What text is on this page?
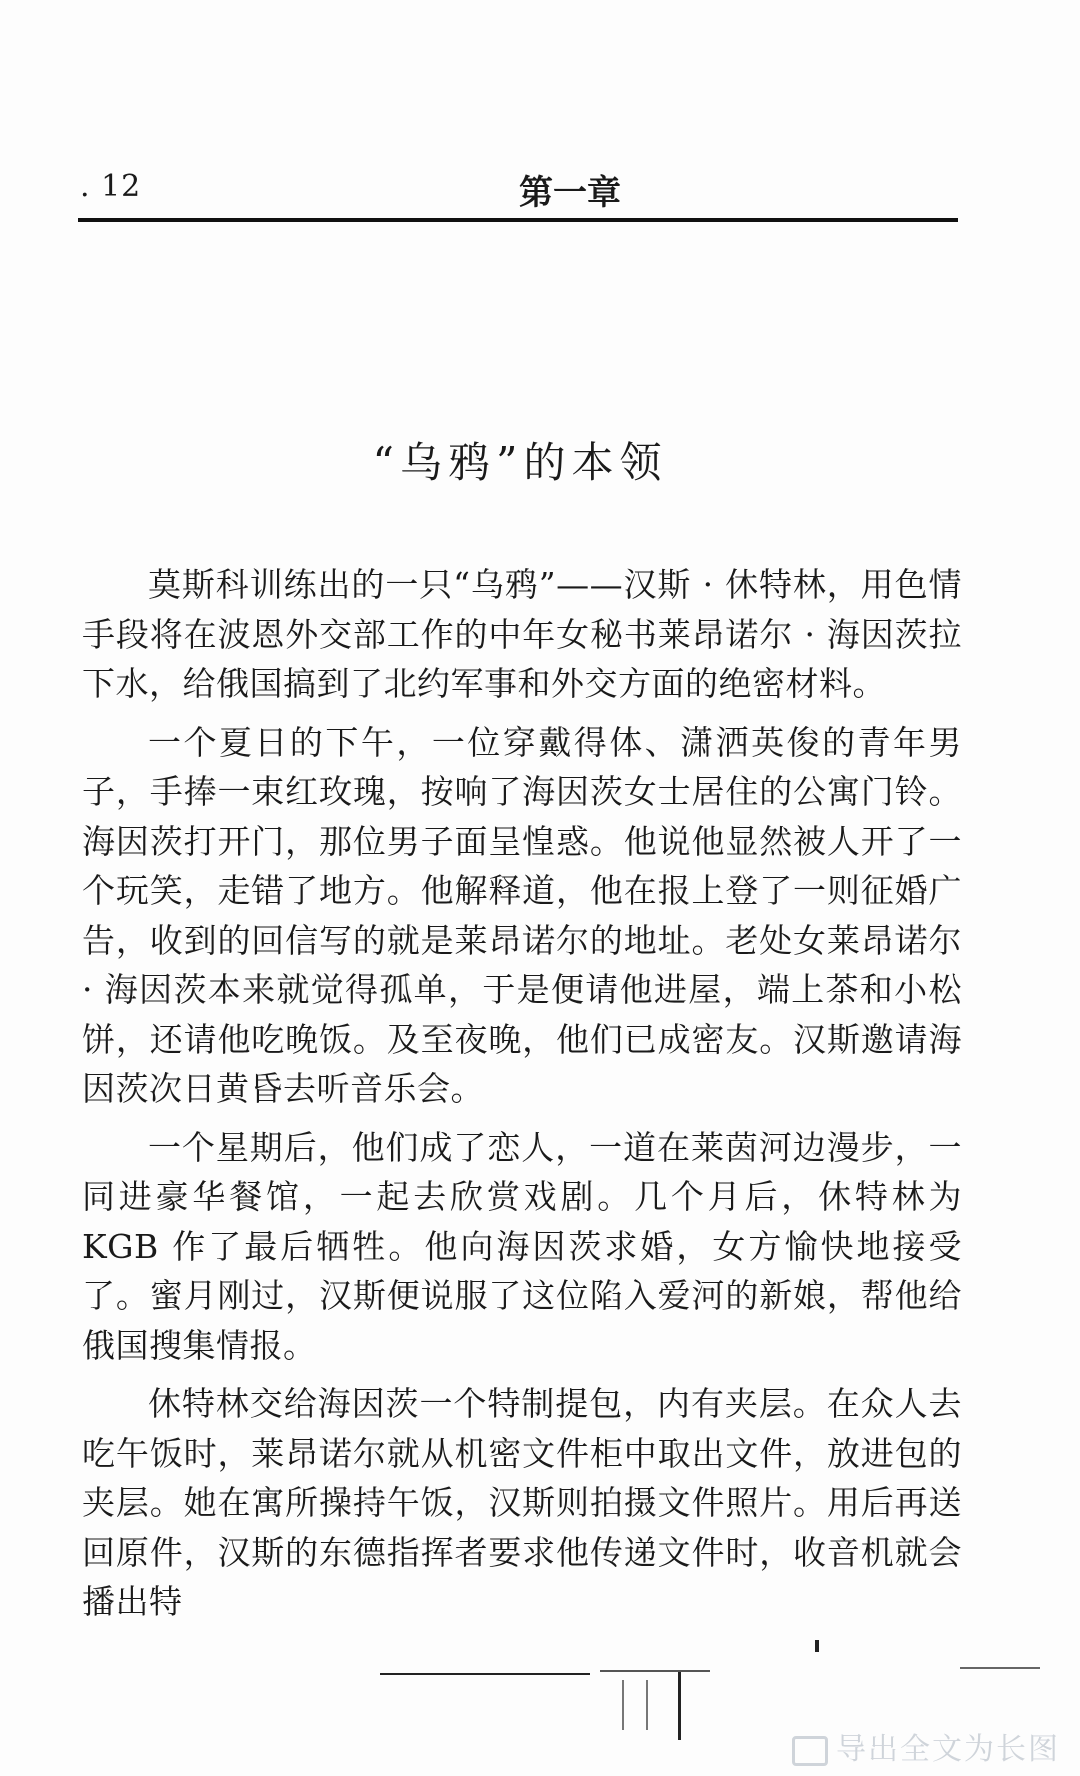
. 12	第一章
“乌鸦”的本领

莫斯科训练出的一只“乌鸦”——汉斯 · 休特林，用色情手段将在波恩外交部工作的中年女秘书莱昂诺尔 · 海因茨拉下水，给俄国搞到了北约军事和外交方面的绝密材料。

一个夏日的下午，一位穿戴得体、潇洒英俊的青年男子，手捧一束红玫瑰，按响了海因茨女士居住的公寓门铃。海因茨打开门，那位男子面呈惶惑。他说他显然被人开了一个玩笑，走错了地方。他解释道，他在报上登了一则征婚广告，收到的回信写的就是莱昂诺尔的地址。老处女莱昂诺尔 · 海因茨本来就觉得孤单，于是便请他进屋，端上茶和小松饼，还请他吃晚饭。及至夜晚，他们已成密友。汉斯邀请海因茨次日黄昏去听音乐会。

一个星期后，他们成了恋人，一道在莱茵河边漫步，一同进豪华餐馆，一起去欣赏戏剧。几个月后，休特林为 KGB 作了最后牺牲。他向海因茨求婚，女方愉快地接受了。蜜月刚过，汉斯便说服了这位陷入爱河的新娘，帮他给俄国搜集情报。

休特林交给海因茨一个特制提包，内有夹层。在众人去吃午饭时，莱昂诺尔就从机密文件柜中取出文件，放进包的夹层。她在寓所操持午饭，汉斯则拍摄文件照片。用后再送回原件，汉斯的东德指挥者要求他传递文件时，收音机就会播出特

导出全文为长图
